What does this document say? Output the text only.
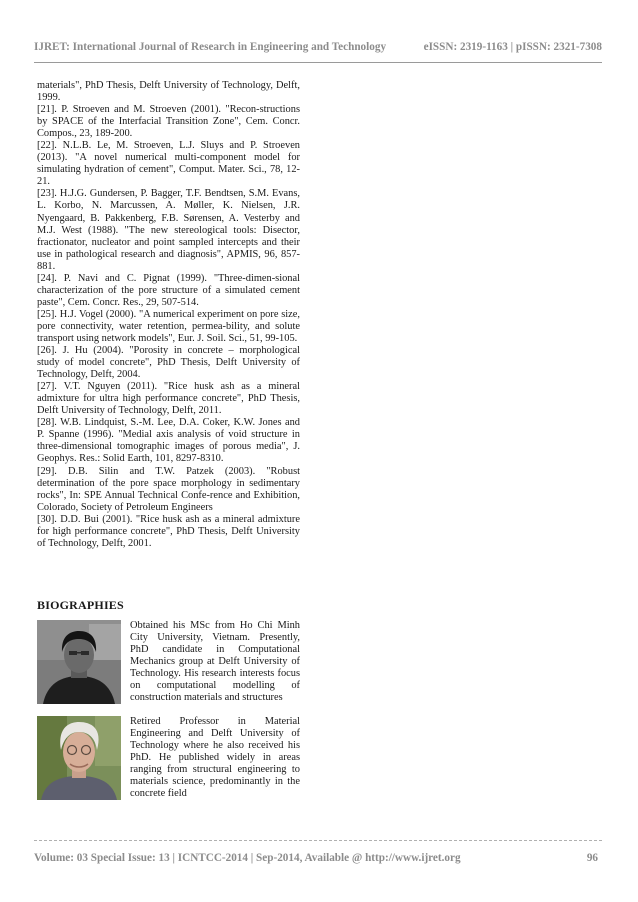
IJRET: International Journal of Research in Engineering and Technology	eISSN: 2319-1163 | pISSN: 2321-7308

materials", PhD Thesis, Delft University of Technology, Delft, 1999.

[21]. P. Stroeven and M. Stroeven (2001). "Recon-structions by SPACE of the Interfacial Transition Zone", Cem. Concr. Compos., 23, 189-200.

[22]. N.L.B. Le, M. Stroeven, L.J. Sluys and P. Stroeven (2013). "A novel numerical multi-component model for simulating hydration of cement", Comput. Mater. Sci., 78, 12-21.

[23]. H.J.G. Gundersen, P. Bagger, T.F. Bendtsen, S.M. Evans, L. Korbo, N. Marcussen, A. Møller, K. Nielsen, J.R. Nyengaard, B. Pakkenberg, F.B. Sørensen, A. Vesterby and M.J. West (1988). "The new stereological tools: Disector, fractionator, nucleator and point sampled intercepts and their use in pathological research and diagnosis", APMIS, 96, 857-881.

[24]. P. Navi and C. Pignat (1999). "Three-dimen-sional characterization of the pore structure of a simulated cement paste", Cem. Concr. Res., 29, 507-514.

[25]. H.J. Vogel (2000). "A numerical experiment on pore size, pore connectivity, water retention, permea-bility, and solute transport using network models", Eur. J. Soil. Sci., 51, 99-105.

[26]. J. Hu (2004). "Porosity in concrete – morphological study of model concrete", PhD Thesis, Delft University of Technology, Delft, 2004.

[27]. V.T. Nguyen (2011). "Rice husk ash as a mineral admixture for ultra high performance concrete", PhD Thesis, Delft University of Technology, Delft, 2011.

[28]. W.B. Lindquist, S.-M. Lee, D.A. Coker, K.W. Jones and P. Spanne (1996). "Medial axis analysis of void structure in three-dimensional tomographic images of porous media", J. Geophys. Res.: Solid Earth, 101, 8297-8310.

[29]. D.B. Silin and T.W. Patzek (2003). "Robust determination of the pore space morphology in sedimentary rocks", In: SPE Annual Technical Confe-rence and Exhibition, Colorado, Society of Petroleum Engineers

[30]. D.D. Bui (2001). "Rice husk ash as a mineral admixture for high performance concrete", PhD Thesis, Delft University of Technology, Delft, 2001.

BIOGRAPHIES

Obtained his MSc from Ho Chi Minh City University, Vietnam. Presently, PhD candidate in Computational Mechanics group at Delft University of Technology. His research interests focus on computational modelling of construction materials and structures

Retired Professor in Material Engineering and Delft University of Technology where he also received his PhD. He published widely in areas ranging from structural engineering to materials science, predominantly in the concrete field

Volume: 03 Special Issue: 13 | ICNTCC-2014 | Sep-2014, Available @ http://www.ijret.org	96
